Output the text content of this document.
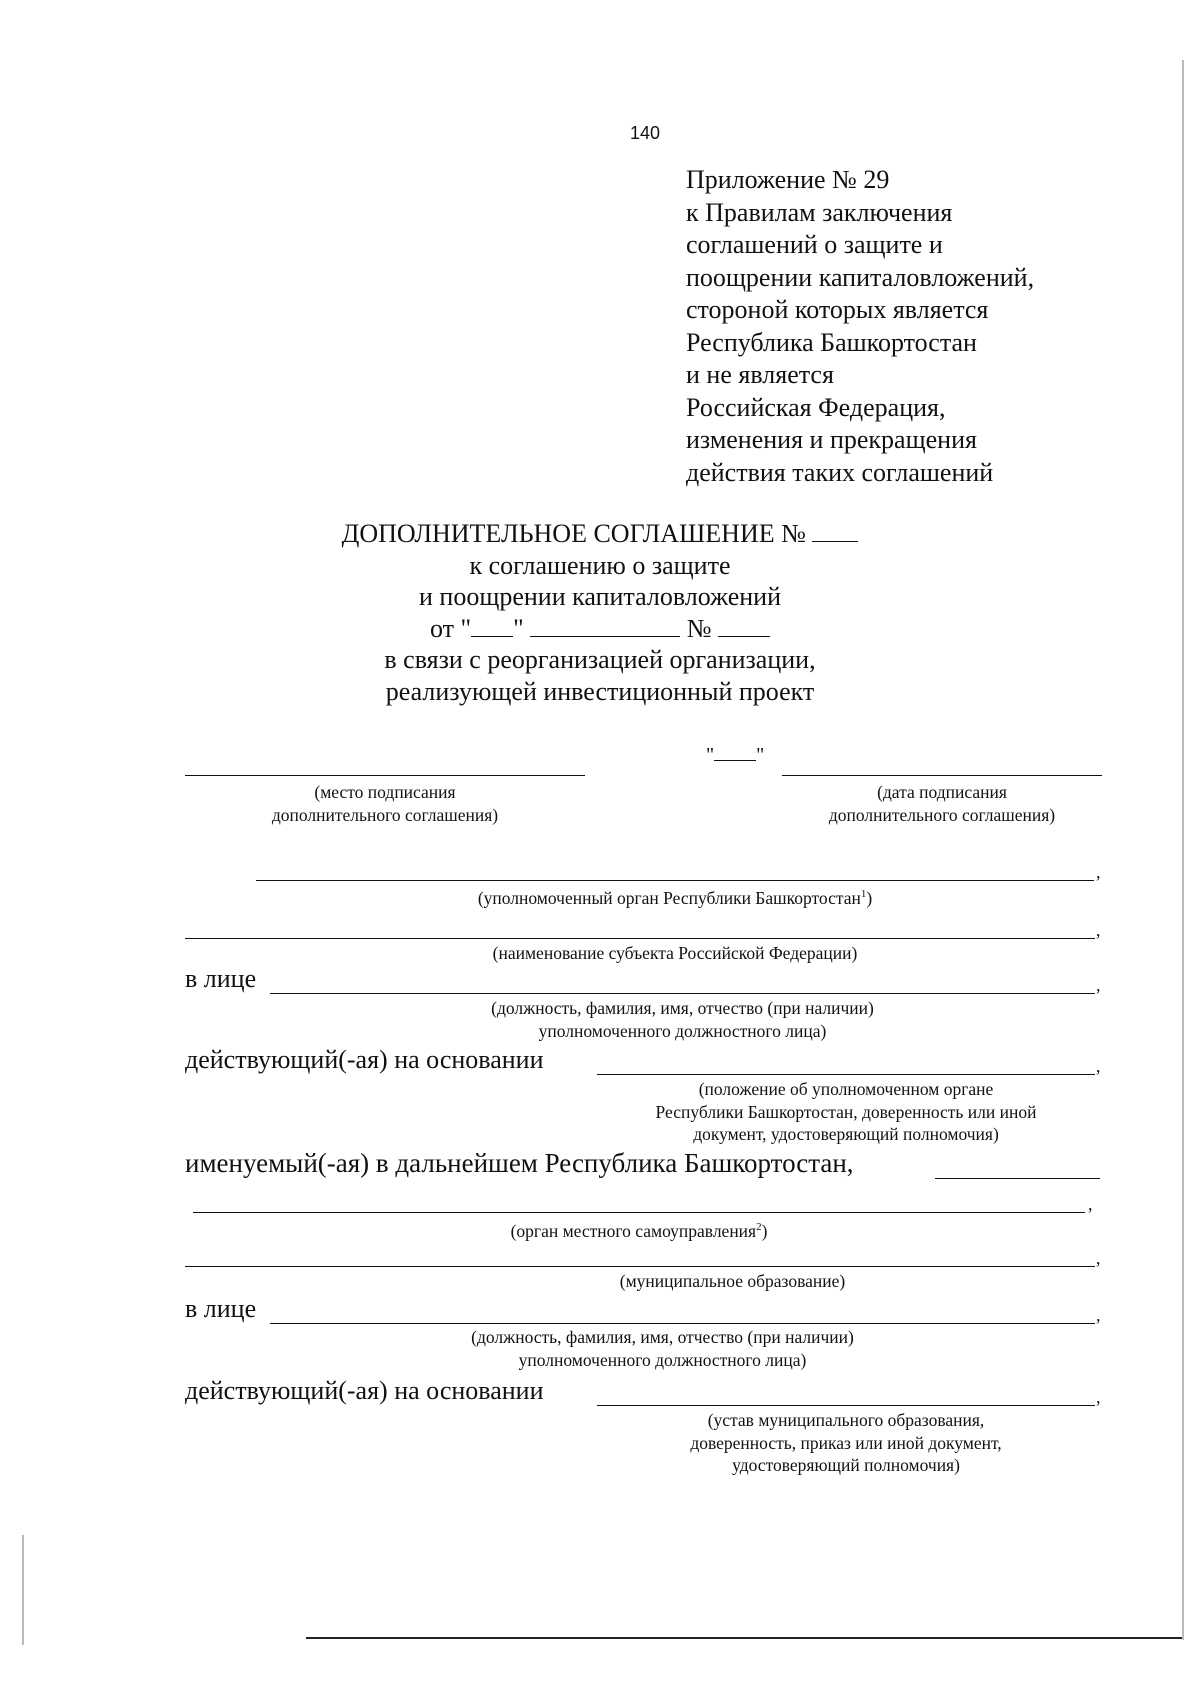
140
Приложение № 29
к Правилам заключения
соглашений о защите и
поощрении капиталовложений,
стороной которых является
Республика Башкортостан
и не является
Российская Федерация,
изменения и прекращения
действия таких соглашений
ДОПОЛНИТЕЛЬНОЕ СОГЛАШЕНИЕ №
к соглашению о защите
и поощрении капиталовложений
от " "	№
в связи с реорганизацией организации,
реализующей инвестиционный проект
" "
(место подписания
дополнительного соглашения)
(дата подписания
дополнительного соглашения)
,
(уполномоченный орган Республики Башкортостан$^1$)
,
(наименование субъекта Российской Федерации)
в лице	,
(должность, фамилия, имя, отчество (при наличии)
уполномоченного должностного лица)
действующий(-ая) на основании	,
(положение об уполномоченном органе
Республики Башкортостан, доверенность или иной
документ, удостоверяющий полномочия)
именуемый(-ая) в дальнейшем Республика Башкортостан,
,
(орган местного самоуправления$^2$)
,
(муниципальное образование)
в лице	,
(должность, фамилия, имя, отчество (при наличии)
уполномоченного должностного лица)
действующий(-ая) на основании	,
(устав муниципального образования,
доверенность, приказ или иной документ,
удостоверяющий полномочия)
